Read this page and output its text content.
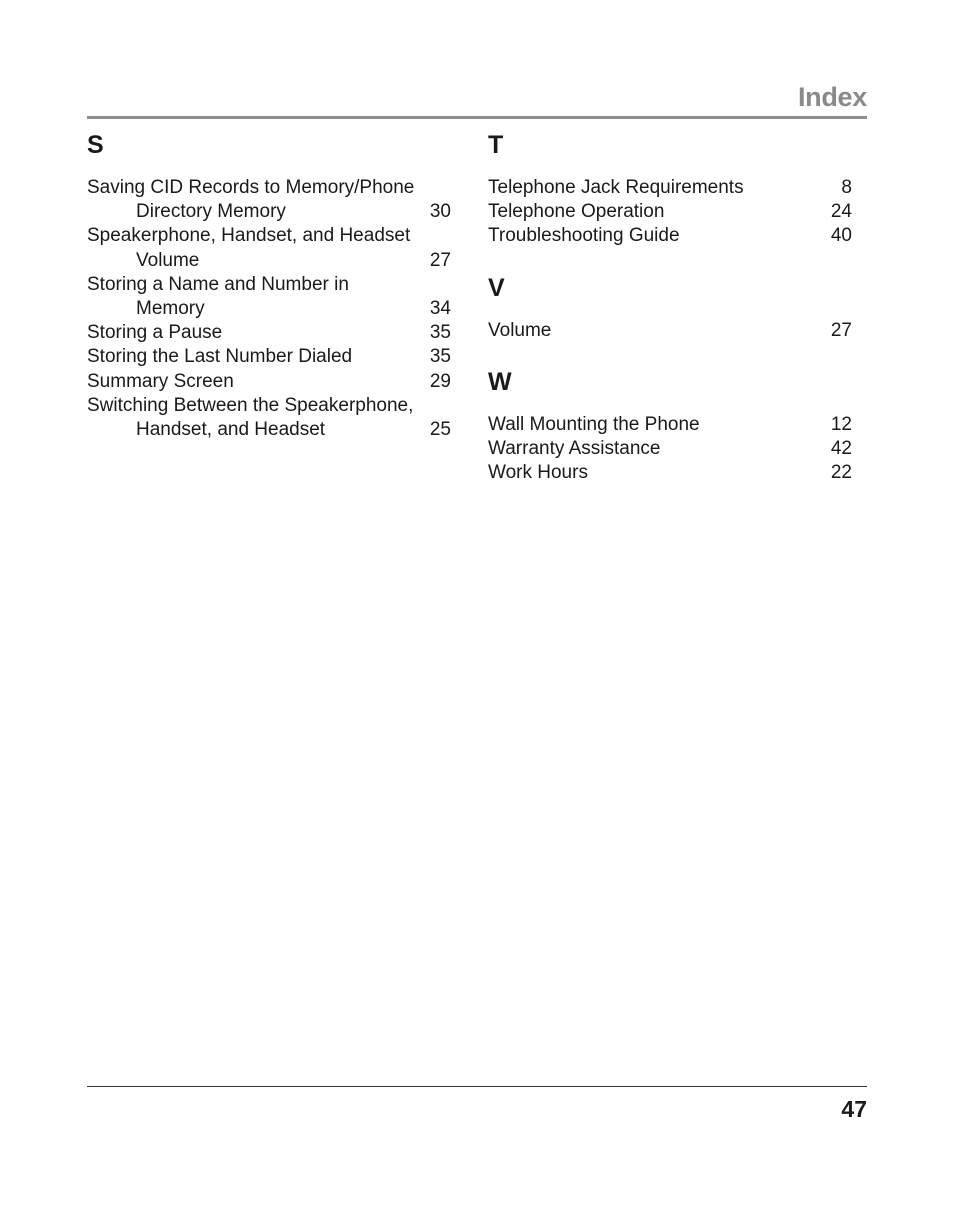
Index
S
Saving CID Records to Memory/Phone
Directory Memory	30
Speakerphone, Handset, and Headset
Volume	27
Storing a Name and Number in
Memory	34
Storing a Pause	35
Storing the Last Number Dialed	35
Summary Screen	29
Switching Between the Speakerphone,
Handset, and Headset	25
T
Telephone Jack Requirements	8
Telephone Operation	24
Troubleshooting Guide	40
V
Volume	27
W
Wall Mounting the Phone	12
Warranty Assistance	42
Work Hours	22
47
